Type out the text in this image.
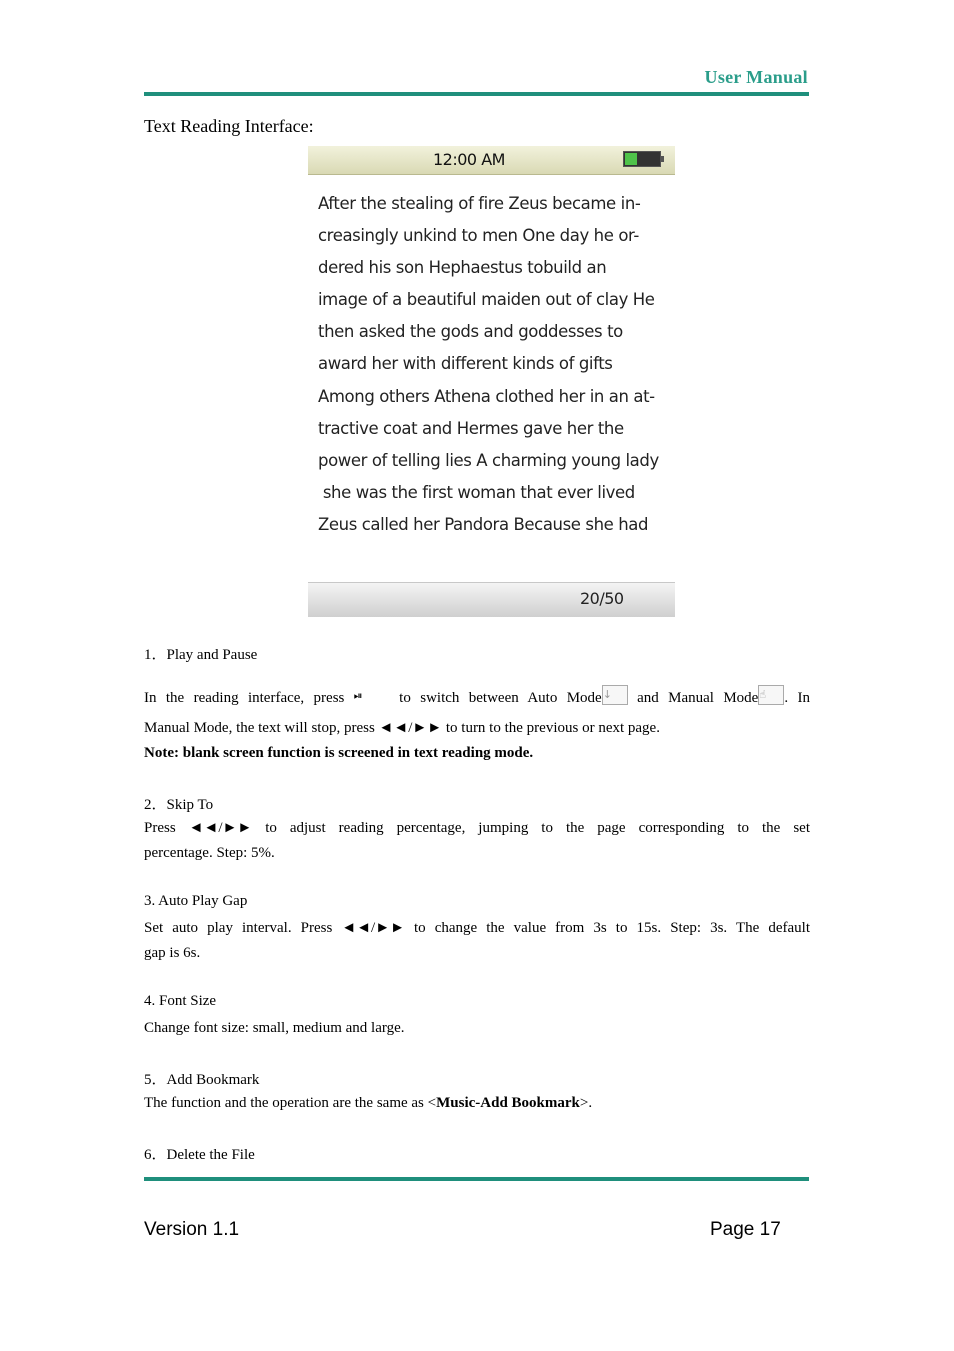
User Manual
Text Reading Interface:
12:00 AM
After the stealing of fire Zeus became in-
creasingly unkind to men One day he or-
dered his son Hephaestus tobuild an
image of a beautiful maiden out of clay He
then asked the gods and goddesses to
award her with different kinds of gifts
Among others Athena clothed her in an at-
tractive coat and Hermes gave her the
power of telling lies A charming young lady
she was the first woman that ever lived
Zeus called her Pandora Because she had
20/50
1．Play and Pause
In the reading interface, press ⏯ to switch between Auto Mode↓ and Manual Mode☝ . In
Manual Mode, the text will stop, press ◄◄/►► to turn to the previous or next page.
Note: blank screen function is screened in text reading mode.
2．Skip To
Press ◄◄/►► to adjust reading percentage, jumping to the page corresponding to the set
percentage. Step: 5%.
3. Auto Play Gap
Set auto play interval. Press ◄◄/►► to change the value from 3s to 15s. Step: 3s. The default
gap is 6s.
4. Font Size
Change font size: small, medium and large.
5．Add Bookmark
The function and the operation are the same as <Music-Add Bookmark>.
6．Delete the File
Version 1.1	Page 17
